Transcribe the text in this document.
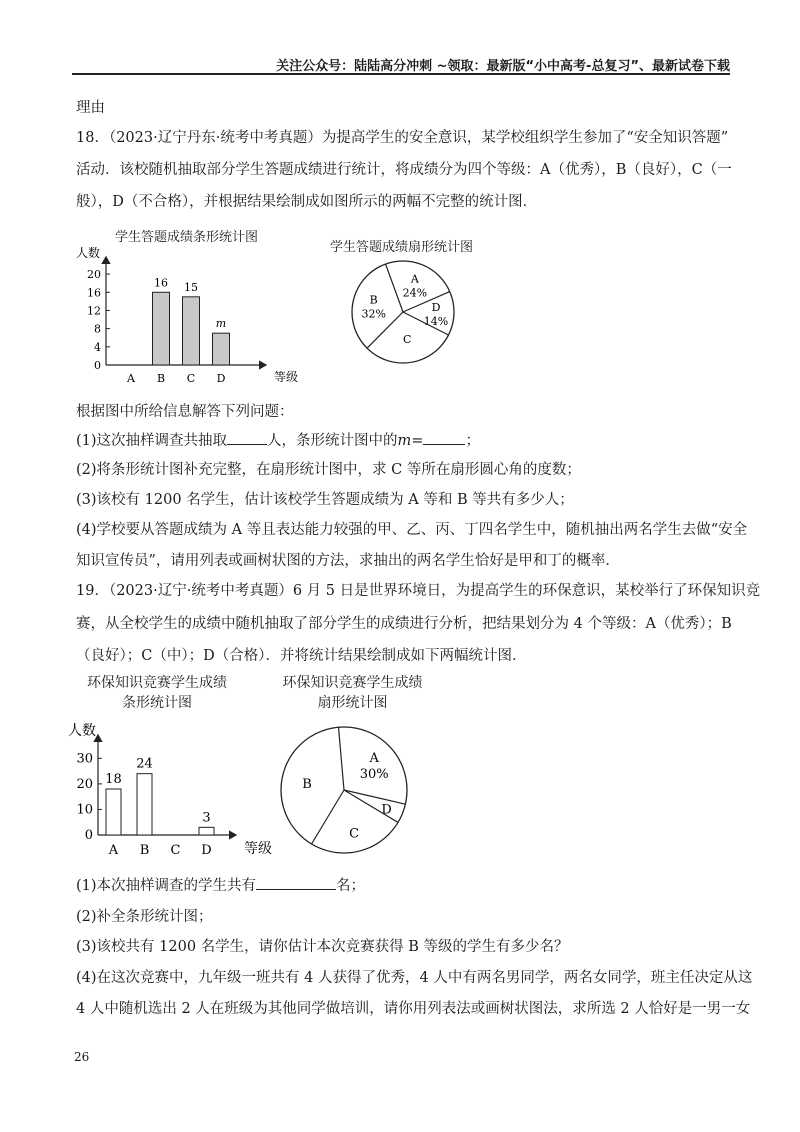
关注公众号：陆陆高分冲刺 ~领取：最新版“小中高考-总复习”、最新试卷下载
理由
18．（2023·辽宁丹东·统考中考真题）为提高学生的安全意识，某学校组织学生参加了“安全知识答题”
活动．该校随机抽取部分学生答题成绩进行统计，将成绩分为四个等级：A（优秀），B（良好），C（一
般），D（不合格），并根据结果绘制成如图所示的两幅不完整的统计图．
根据图中所给信息解答下列问题：
(1)这次抽样调查共抽取	人，条形统计图中的m=	；
(2)将条形统计图补充完整，在扇形统计图中，求 C 等所在扇形圆心角的度数；
(3)该校有 1200 名学生，估计该校学生答题成绩为 A 等和 B 等共有多少人；
(4)学校要从答题成绩为 A 等且表达能力较强的甲、乙、丙、丁四名学生中，随机抽出两名学生去做“安全
知识宣传员”，请用列表或画树状图的方法，求抽出的两名学生恰好是甲和丁的概率．
19．（2023·辽宁·统考中考真题）6 月 5 日是世界环境日，为提高学生的环保意识，某校举行了环保知识竞
赛，从全校学生的成绩中随机抽取了部分学生的成绩进行分析，把结果划分为 4 个等级：A（优秀）；B
（良好）；C（中）；D（合格）．并将统计结果绘制成如下两幅统计图．
(1)本次抽样调查的学生共有	名；
(2)补全条形统计图；
(3)该校共有 1200 名学生，请你估计本次竞赛获得 B 等级的学生有多少名？
(4)在这次竞赛中，九年级一班共有 4 人获得了优秀，4 人中有两名男同学，两名女同学，班主任决定从这
4 人中随机选出 2 人在班级为其他同学做培训，请你用列表法或画树状图法，求所选 2 人恰好是一男一女
26
学生答题成绩条形统计图
学生答题成绩扇形统计图
环保知识竞赛学生成绩
条形统计图
环保知识竞赛学生成绩
扇形统计图
人数
等级
0
4
8
12
16
20
A B
16
C
15
D
m
A
24%
D
14%
C
B
32%
人数
等级
0
10
20
30
A
18
B
24
C D
3
A
30%
D
C
B
